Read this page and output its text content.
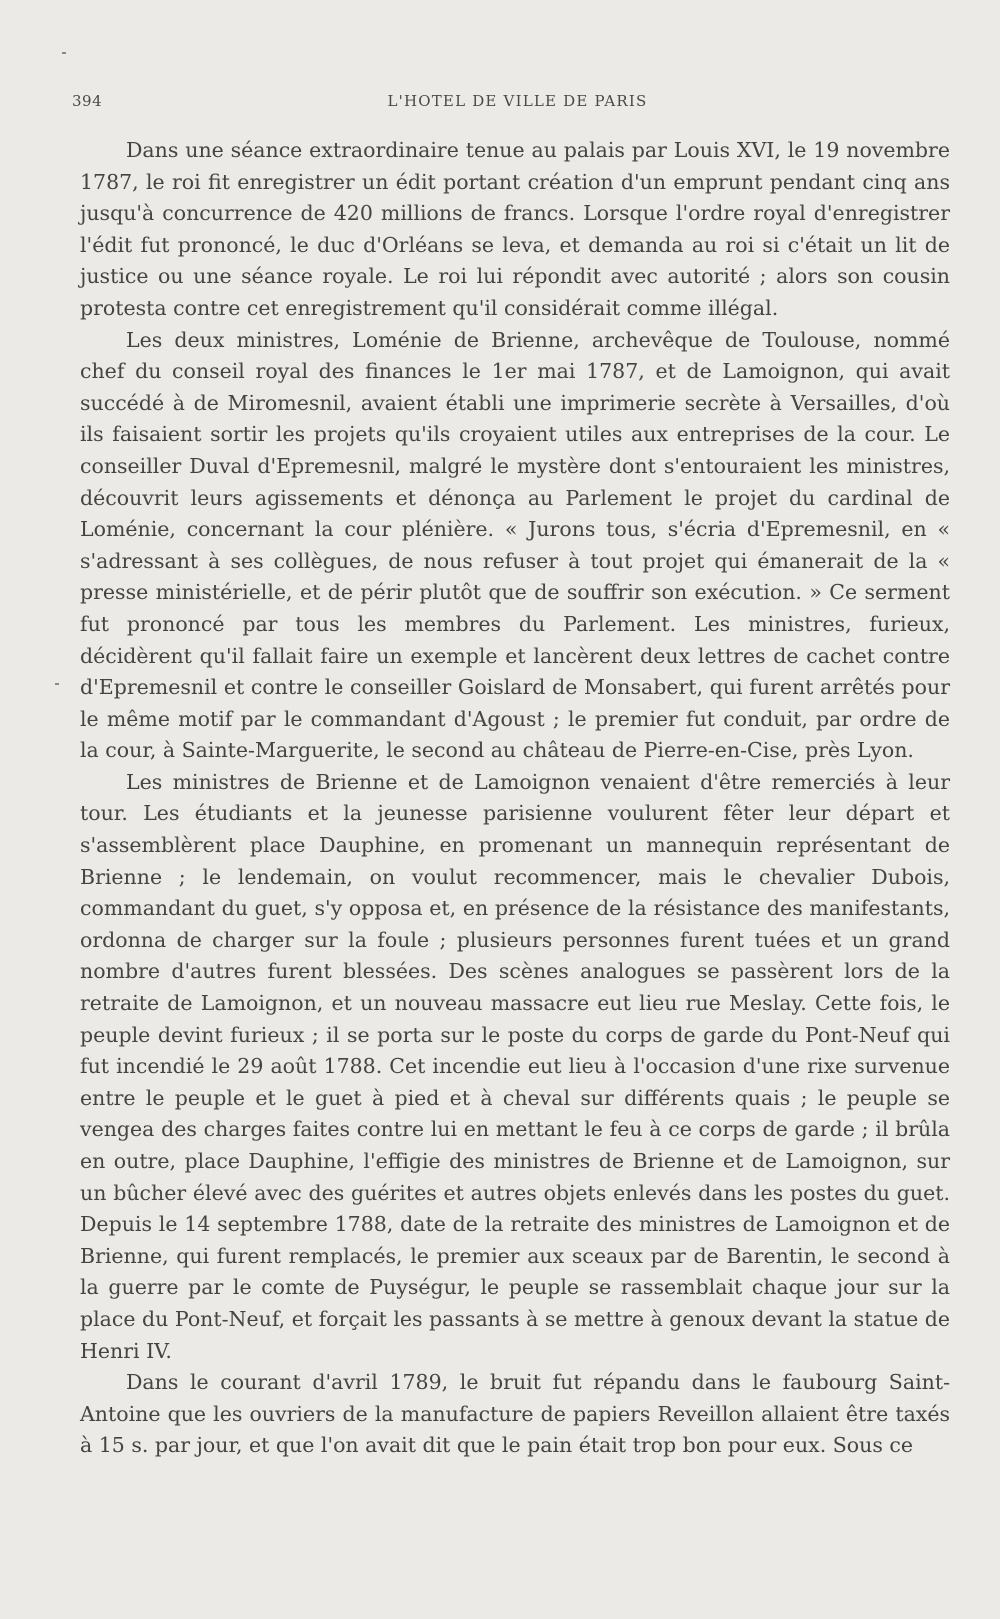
394	L'HOTEL DE VILLE DE PARIS

Dans une séance extraordinaire tenue au palais par Louis XVI, le 19 novembre 1787, le roi fit enregistrer un édit portant création d'un emprunt pendant cinq ans jusqu'à concurrence de 420 millions de francs. Lorsque l'ordre royal d'enregistrer l'édit fut prononcé, le duc d'Orléans se leva, et demanda au roi si c'était un lit de justice ou une séance royale. Le roi lui répondit avec autorité ; alors son cousin protesta contre cet enregistrement qu'il considérait comme illégal.

Les deux ministres, Loménie de Brienne, archevêque de Toulouse, nommé chef du conseil royal des finances le 1er mai 1787, et de Lamoignon, qui avait succédé à de Miromesnil, avaient établi une imprimerie secrète à Versailles, d'où ils faisaient sortir les projets qu'ils croyaient utiles aux entreprises de la cour. Le conseiller Duval d'Epremesnil, malgré le mystère dont s'entouraient les ministres, découvrit leurs agissements et dénonça au Parlement le projet du cardinal de Loménie, concernant la cour plénière. « Jurons tous, s'écria d'Epremesnil, en « s'adressant à ses collègues, de nous refuser à tout projet qui émanerait de la « presse ministérielle, et de périr plutôt que de souffrir son exécution. » Ce serment fut prononcé par tous les membres du Parlement. Les ministres, furieux, décidèrent qu'il fallait faire un exemple et lancèrent deux lettres de cachet contre d'Epremesnil et contre le conseiller Goislard de Monsabert, qui furent arrêtés pour le même motif par le commandant d'Agoust ; le premier fut conduit, par ordre de la cour, à Sainte-Marguerite, le second au château de Pierre-en-Cise, près Lyon.

Les ministres de Brienne et de Lamoignon venaient d'être remerciés à leur tour. Les étudiants et la jeunesse parisienne voulurent fêter leur départ et s'assemblèrent place Dauphine, en promenant un mannequin représentant de Brienne ; le lendemain, on voulut recommencer, mais le chevalier Dubois, commandant du guet, s'y opposa et, en présence de la résistance des manifestants, ordonna de charger sur la foule ; plusieurs personnes furent tuées et un grand nombre d'autres furent blessées. Des scènes analogues se passèrent lors de la retraite de Lamoignon, et un nouveau massacre eut lieu rue Meslay. Cette fois, le peuple devint furieux ; il se porta sur le poste du corps de garde du Pont-Neuf qui fut incendié le 29 août 1788. Cet incendie eut lieu à l'occasion d'une rixe survenue entre le peuple et le guet à pied et à cheval sur différents quais ; le peuple se vengea des charges faites contre lui en mettant le feu à ce corps de garde ; il brûla en outre, place Dauphine, l'effigie des ministres de Brienne et de Lamoignon, sur un bûcher élevé avec des guérites et autres objets enlevés dans les postes du guet. Depuis le 14 septembre 1788, date de la retraite des ministres de Lamoignon et de Brienne, qui furent remplacés, le premier aux sceaux par de Barentin, le second à la guerre par le comte de Puységur, le peuple se rassemblait chaque jour sur la place du Pont-Neuf, et forçait les passants à se mettre à genoux devant la statue de Henri IV.

Dans le courant d'avril 1789, le bruit fut répandu dans le faubourg Saint-Antoine que les ouvriers de la manufacture de papiers Reveillon allaient être taxés à 15 s. par jour, et que l'on avait dit que le pain était trop bon pour eux. Sous ce
